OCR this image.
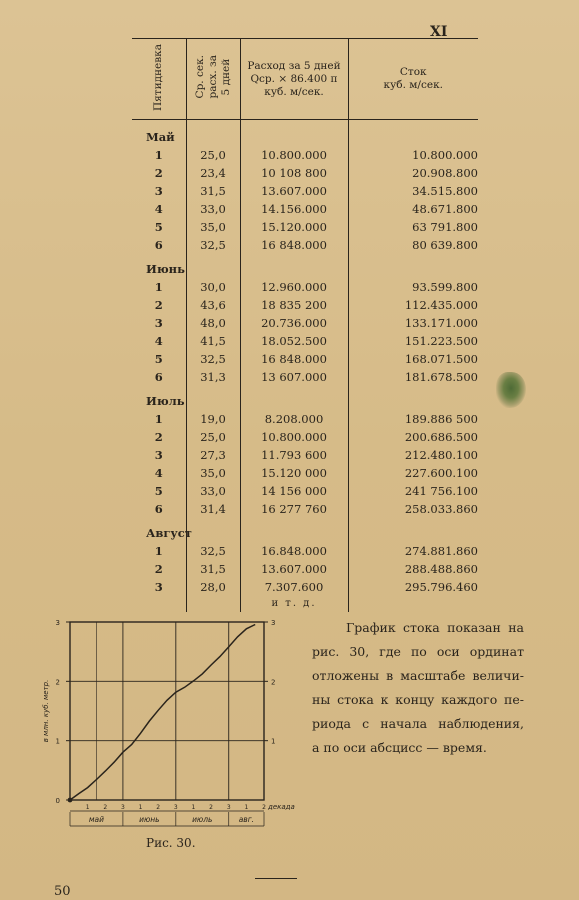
XI
Пятидневка	Ср. сек.
расх. за
5 дней	Расход за 5 дней
Qср. × 86.400 п
куб. м/сек.	Сток
куб. м/сек.

Май			
1	25,0	10.800.000	10.800.000
2	23,4	10 108 800	20.908.800
3	31,5	13.607.000	34.515.800
4	33,0	14.156.000	48.671.800
5	35,0	15.120.000	63 791.800
6	32,5	16 848.000	80 639.800

Июнь			
1	30,0	12.960.000	93.599.800
2	43,6	18 835 200	112.435.000
3	48,0	20.736.000	133.171.000
4	41,5	18.052.500	151.223.500
5	32,5	16 848.000	168.071.500
6	31,3	13 607.000	181.678.500

Июль			
1	19,0	8.208.000	189.886 500
2	25,0	10.800.000	200.686.500
3	27,3	11.793 600	212.480.100
4	35,0	15.120 000	227.600.100
5	33,0	14 156 000	241 756.100
6	31,4	16 277 760	258.033.860

Август			
1	32,5	16.848.000	274.881.860
2	31,5	13.607.000	288.488.860
3	28,0	7.307.600	295.796.460
		и т. д.	
3
2
1
0
3
2
1
в млн. куб. метр.
1 2 3 1 2 3 1 2 3 1 2 декада
май	июнь	июль	авг.
Рис. 30.
График стока показан на
рис. 30, где по оси ординат
отложены в масштабе величи-
ны стока к концу каждого пе-
риода с начала наблюдения,
а по оси абсцисс — время.
50
